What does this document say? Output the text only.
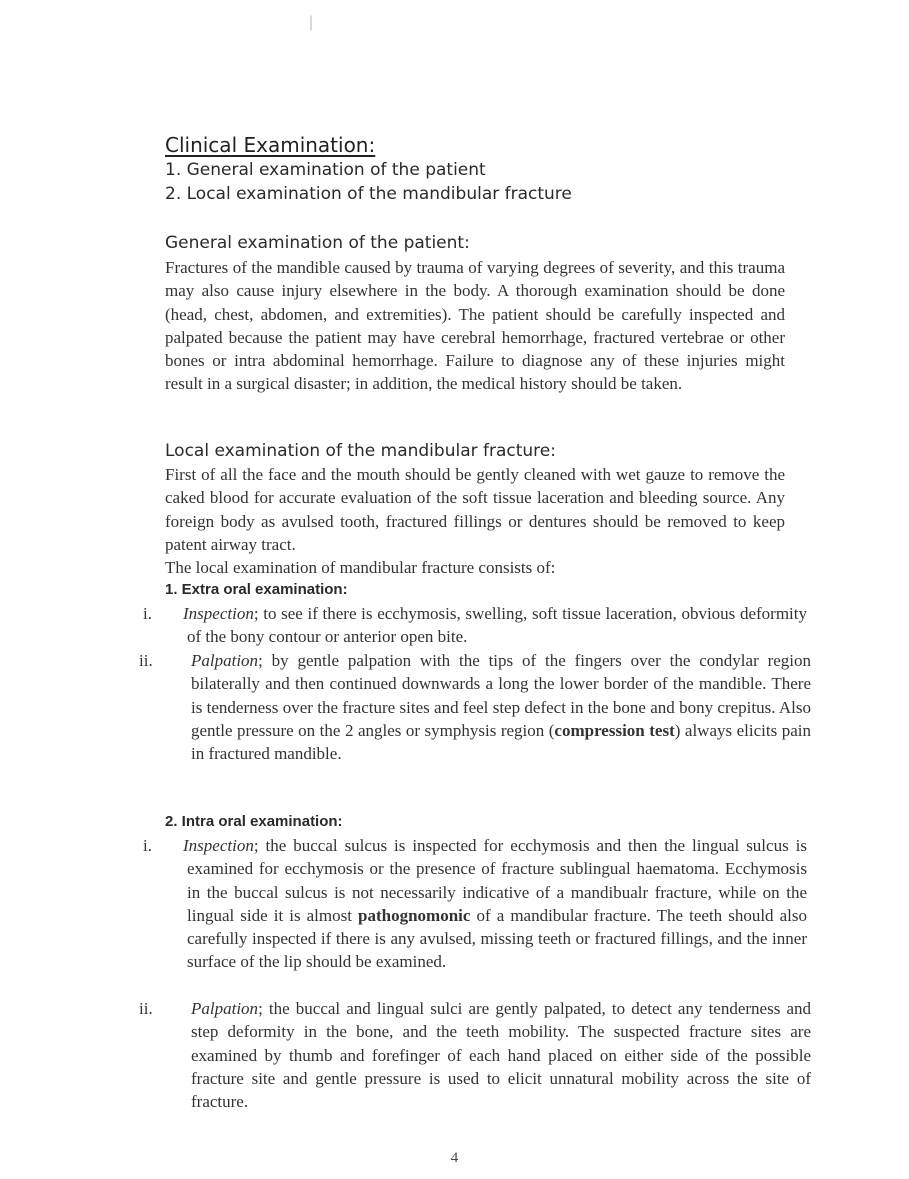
Clinical Examination:
1. General examination of the patient
2. Local examination of the mandibular fracture
General examination of the patient:
Fractures of the mandible caused by trauma of varying degrees of severity, and this trauma may also cause injury elsewhere in the body. A thorough examination should be done (head, chest, abdomen, and extremities). The patient should be carefully inspected and palpated because the patient may have cerebral hemorrhage, fractured vertebrae or other bones or intra abdominal hemorrhage. Failure to diagnose any of these injuries might result in a surgical disaster; in addition, the medical history should be taken.
Local examination of the mandibular fracture:
First of all the face and the mouth should be gently cleaned with wet gauze to remove the caked blood for accurate evaluation of the soft tissue laceration and bleeding source. Any foreign body as avulsed tooth, fractured fillings or dentures should be removed to keep patent airway tract.
The local examination of mandibular fracture consists of:
1. Extra oral examination:
i. Inspection; to see if there is ecchymosis, swelling, soft tissue laceration, obvious deformity of the bony contour or anterior open bite.
ii. Palpation; by gentle palpation with the tips of the fingers over the condylar region bilaterally and then continued downwards a long the lower border of the mandible. There is tenderness over the fracture sites and feel step defect in the bone and bony crepitus. Also gentle pressure on the 2 angles or symphysis region (compression test) always elicits pain in fractured mandible.
2. Intra oral examination:
i. Inspection; the buccal sulcus is inspected for ecchymosis and then the lingual sulcus is examined for ecchymosis or the presence of fracture sublingual haematoma. Ecchymosis in the buccal sulcus is not necessarily indicative of a mandibualr fracture, while on the lingual side it is almost pathognomonic of a mandibular fracture. The teeth should also carefully inspected if there is any avulsed, missing teeth or fractured fillings, and the inner surface of the lip should be examined.
ii. Palpation; the buccal and lingual sulci are gently palpated, to detect any tenderness and step deformity in the bone, and the teeth mobility. The suspected fracture sites are examined by thumb and forefinger of each hand placed on either side of the possible fracture site and gentle pressure is used to elicit unnatural mobility across the site of fracture.
4
